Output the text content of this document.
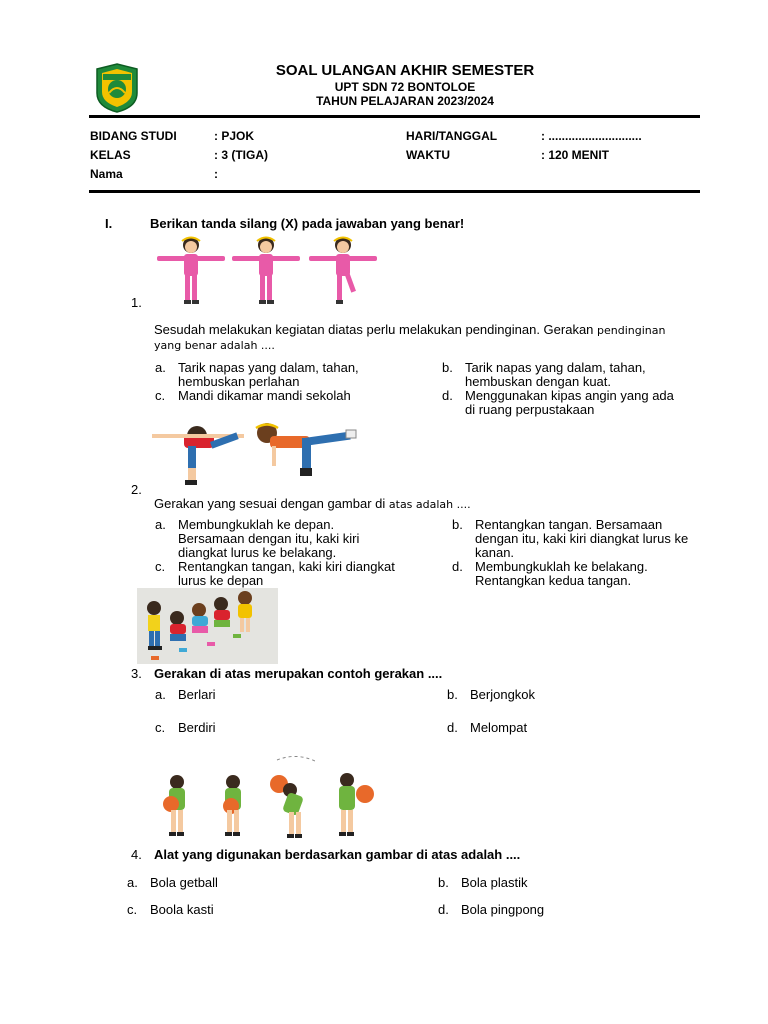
SOAL ULANGAN AKHIR SEMESTER
UPT SDN 72 BONTOLOE
TAHUN PELAJARAN 2023/2024
BIDANG STUDI	: PJOK	HARI/TANGGAL	: ............................
KELAS	: 3 (TIGA)	WAKTU	: 120 MENIT
Nama	:
I.	Berikan tanda silang (X) pada jawaban yang benar!
1.
Sesudah melakukan kegiatan diatas perlu melakukan pendinginan. Gerakan pendinginan
yang benar adalah ....
a. Tarik napas yang dalam, tahan,
hembuskan perlahan
b. Tarik napas yang dalam, tahan,
hembuskan dengan kuat.
c. Mandi dikamar mandi sekolah	d. Menggunakan kipas angin yang ada
di ruang perpustakaan
2.
Gerakan yang sesuai dengan gambar di atas adalah ....
a. Membungkuklah ke depan.
Bersamaan dengan itu, kaki kiri
diangkat lurus ke belakang.
b. Rentangkan tangan. Bersamaan
dengan itu, kaki kiri diangkat lurus ke
kanan.
c. Rentangkan tangan, kaki kiri diangkat
lurus ke depan
d. Membungkuklah ke belakang.
Rentangkan kedua tangan.
3. Gerakan di atas merupakan contoh gerakan ....
a. Berlari	b. Berjongkok
c. Berdiri	d. Melompat
4. Alat yang digunakan berdasarkan gambar di atas adalah ....
a. Bola getball	b. Bola plastik
c. Boola kasti	d. Bola pingpong
